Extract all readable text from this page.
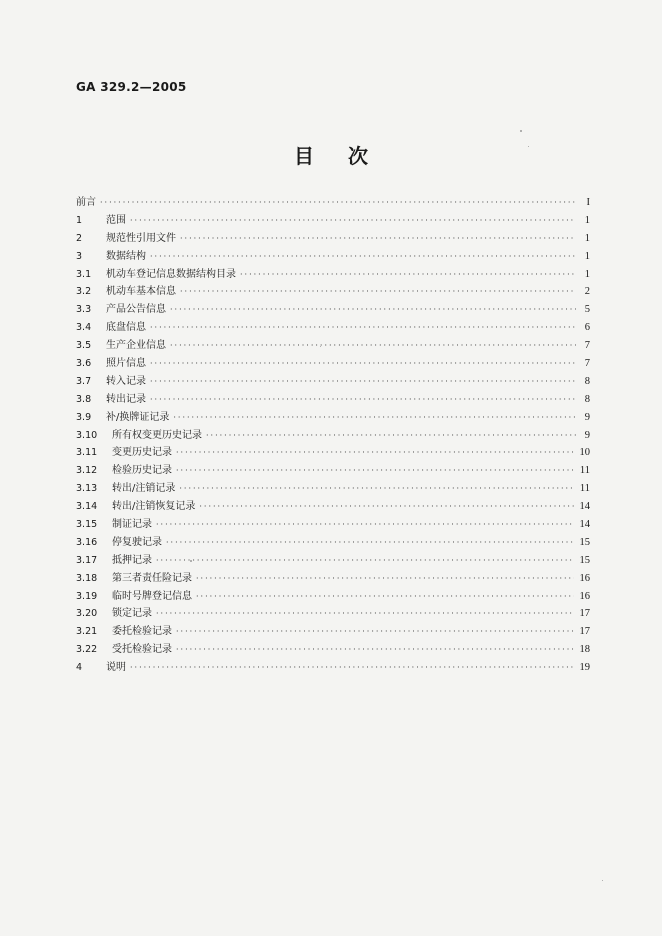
GA 329.2—2005
目次
前言 ·····	I
1	范围 ·····	1
2	规范性引用文件 ·····	1
3	数据结构 ·····	1
3.1	机动车登记信息数据结构目录 ·····	1
3.2	机动车基本信息 ·····	2
3.3	产品公告信息 ·····	5
3.4	底盘信息 ·····	6
3.5	生产企业信息 ·····	7
3.6	照片信息 ·····	7
3.7	转入记录 ·····	8
3.8	转出记录 ·····	8
3.9	补/换牌证记录 ·····	9
3.10	所有权变更历史记录 ·····	9
3.11	变更历史记录 ·····	10
3.12	检验历史记录 ·····	11
3.13	转出/注销记录 ·····	11
3.14	转出/注销恢复记录 ·····	14
3.15	制证记录 ·····	14
3.16	停复驶记录 ·····	15
3.17	抵押记录 ·····	15
3.18	第三者责任险记录 ·····	16
3.19	临时号牌登记信息 ·····	16
3.20	锁定记录 ·····	17
3.21	委托检验记录 ·····	17
3.22	受托检验记录 ·····	18
4	说明 ·····	19
